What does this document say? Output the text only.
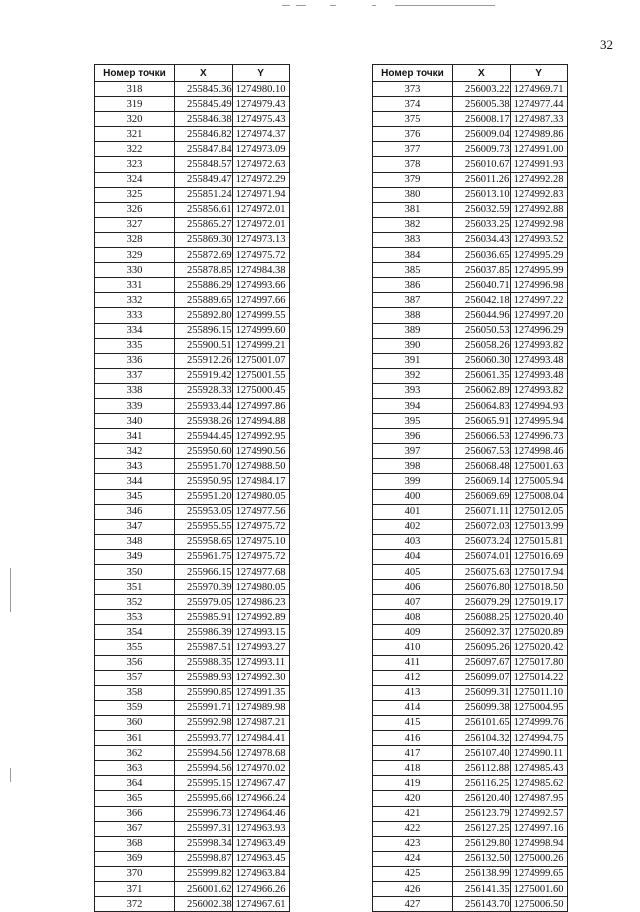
32
Номер точки	X	Y
318	255845.36	1274980.10
319	255845.49	1274979.43
320	255846.38	1274975.43
321	255846.82	1274974.37
322	255847.84	1274973.09
323	255848.57	1274972.63
324	255849.47	1274972.29
325	255851.24	1274971.94
326	255856.61	1274972.01
327	255865.27	1274972.01
328	255869.30	1274973.13
329	255872.69	1274975.72
330	255878.85	1274984.38
331	255886.29	1274993.66
332	255889.65	1274997.66
333	255892.80	1274999.55
334	255896.15	1274999.60
335	255900.51	1274999.21
336	255912.26	1275001.07
337	255919.42	1275001.55
338	255928.33	1275000.45
339	255933.44	1274997.86
340	255938.26	1274994.88
341	255944.45	1274992.95
342	255950.60	1274990.56
343	255951.70	1274988.50
344	255950.95	1274984.17
345	255951.20	1274980.05
346	255953.05	1274977.56
347	255955.55	1274975.72
348	255958.65	1274975.10
349	255961.75	1274975.72
350	255966.15	1274977.68
351	255970.39	1274980.05
352	255979.05	1274986.23
353	255985.91	1274992.89
354	255986.39	1274993.15
355	255987.51	1274993.27
356	255988.35	1274993.11
357	255989.93	1274992.30
358	255990.85	1274991.35
359	255991.71	1274989.98
360	255992.98	1274987.21
361	255993.77	1274984.41
362	255994.56	1274978.68
363	255994.56	1274970.02
364	255995.15	1274967.47
365	255995.66	1274966.24
366	255996.73	1274964.46
367	255997.31	1274963.93
368	255998.34	1274963.49
369	255998.87	1274963.45
370	255999.82	1274963.84
371	256001.62	1274966.26
372	256002.38	1274967.61
Номер точки	X	Y
373	256003.22	1274969.71
374	256005.38	1274977.44
375	256008.17	1274987.33
376	256009.04	1274989.86
377	256009.73	1274991.00
378	256010.67	1274991.93
379	256011.26	1274992.28
380	256013.10	1274992.83
381	256032.59	1274992.88
382	256033.25	1274992.98
383	256034.43	1274993.52
384	256036.65	1274995.29
385	256037.85	1274995.99
386	256040.71	1274996.98
387	256042.18	1274997.22
388	256044.96	1274997.20
389	256050.53	1274996.29
390	256058.26	1274993.82
391	256060.30	1274993.48
392	256061.35	1274993.48
393	256062.89	1274993.82
394	256064.83	1274994.93
395	256065.91	1274995.94
396	256066.53	1274996.73
397	256067.53	1274998.46
398	256068.48	1275001.63
399	256069.14	1275005.94
400	256069.69	1275008.04
401	256071.11	1275012.05
402	256072.03	1275013.99
403	256073.24	1275015.81
404	256074.01	1275016.69
405	256075.63	1275017.94
406	256076.80	1275018.50
407	256079.29	1275019.17
408	256088.25	1275020.40
409	256092.37	1275020.89
410	256095.26	1275020.42
411	256097.67	1275017.80
412	256099.07	1275014.22
413	256099.31	1275011.10
414	256099.38	1275004.95
415	256101.65	1274999.76
416	256104.32	1274994.75
417	256107.40	1274990.11
418	256112.88	1274985.43
419	256116.25	1274985.62
420	256120.40	1274987.95
421	256123.79	1274992.57
422	256127.25	1274997.16
423	256129.80	1274998.94
424	256132.50	1275000.26
425	256138.99	1274999.65
426	256141.35	1275001.60
427	256143.70	1275006.50
